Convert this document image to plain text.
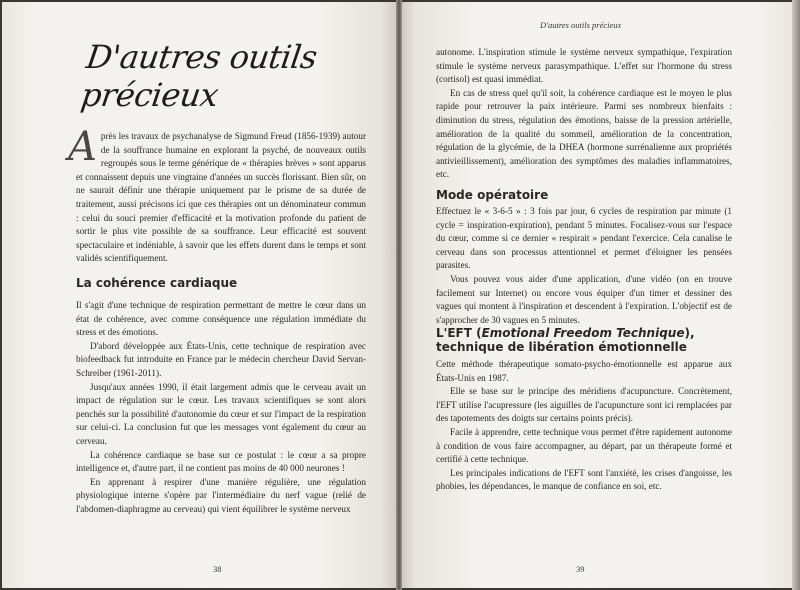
D'autres outils précieux

Après les travaux de psychanalyse de Sigmund Freud (1856-1939) autour de la souffrance humaine en explorant la psyché, de nouveaux outils regroupés sous le terme générique de « thérapies brèves » sont apparus et connaissent depuis une vingtaine d'années un succès florissant. Bien sûr, on ne saurait définir une thérapie uniquement par le prisme de sa durée de traitement, aussi précisons ici que ces thérapies ont un dénominateur commun : celui du souci premier d'efficacité et la motivation profonde du patient de sortir le plus vite possible de sa souffrance. Leur efficacité est souvent spectaculaire et indéniable, à savoir que les effets durent dans le temps et sont validés scientifiquement.

La cohérence cardiaque

Il s'agit d'une technique de respiration permettant de mettre le cœur dans un état de cohérence, avec comme conséquence une régulation immédiate du stress et des émotions.

D'abord développée aux États-Unis, cette technique de respiration avec biofeedback fut introduite en France par le médecin chercheur David Servan-Schreiber (1961-2011).

Jusqu'aux années 1990, il était largement admis que le cerveau avait un impact de régulation sur le cœur. Les travaux scientifiques se sont alors penchés sur la possibilité d'autonomie du cœur et sur l'impact de la respiration sur celui-ci. La conclusion fut que les messages vont également du cœur au cerveau.

La cohérence cardiaque se base sur ce postulat : le cœur a sa propre intelligence et, d'autre part, il ne contient pas moins de 40 000 neurones !

En apprenant à respirer d'une manière régulière, une régulation physiologique interne s'opère par l'intermédiaire du nerf vague (relié de l'abdomen-diaphragme au cerveau) qui vient équilibrer le système nerveux

38
D'autres outils précieux

autonome. L'inspiration stimule le système nerveux sympathique, l'expiration stimule le système nerveux parasympathique. L'effet sur l'hormone du stress (cortisol) est quasi immédiat.

En cas de stress quel qu'il soit, la cohérence cardiaque est le moyen le plus rapide pour retrouver la paix intérieure. Parmi ses nombreux bienfaits : diminution du stress, régulation des émotions, baisse de la pression artérielle, amélioration de la qualité du sommeil, amélioration de la concentration, régulation de la glycémie, de la DHEA (hormone surrénalienne aux propriétés antivieillissement), amélioration des symptômes des maladies inflammatoires, etc.

Mode opératoire

Effectuez le « 3-6-5 » : 3 fois par jour, 6 cycles de respiration par minute (1 cycle = inspiration-expiration), pendant 5 minutes. Focalisez-vous sur l'espace du cœur, comme si ce dernier « respirait » pendant l'exercice. Cela canalise le cerveau dans son processus attentionnel et permet d'éloigner les pensées parasites.

Vous pouvez vous aider d'une application, d'une vidéo (on en trouve facilement sur Internet) ou encore vous équiper d'un timer et dessiner des vagues qui montent à l'inspiration et descendent à l'expiration. L'objectif est de s'approcher de 30 vagues en 5 minutes.

L'EFT (Emotional Freedom Technique),
technique de libération émotionnelle

Cette méthode thérapeutique somato-psycho-émotionnelle est apparue aux États-Unis en 1987.

Elle se base sur le principe des méridiens d'acupuncture. Concrètement, l'EFT utilise l'acupressure (les aiguilles de l'acupuncture sont ici remplacées par des tapotements des doigts sur certains points précis).

Facile à apprendre, cette technique vous permet d'être rapidement autonome à condition de vous faire accompagner, au départ, par un thérapeute formé et certifié à cette technique.

Les principales indications de l'EFT sont l'anxiété, les crises d'angoisse, les phobies, les dépendances, le manque de confiance en soi, etc.

39
